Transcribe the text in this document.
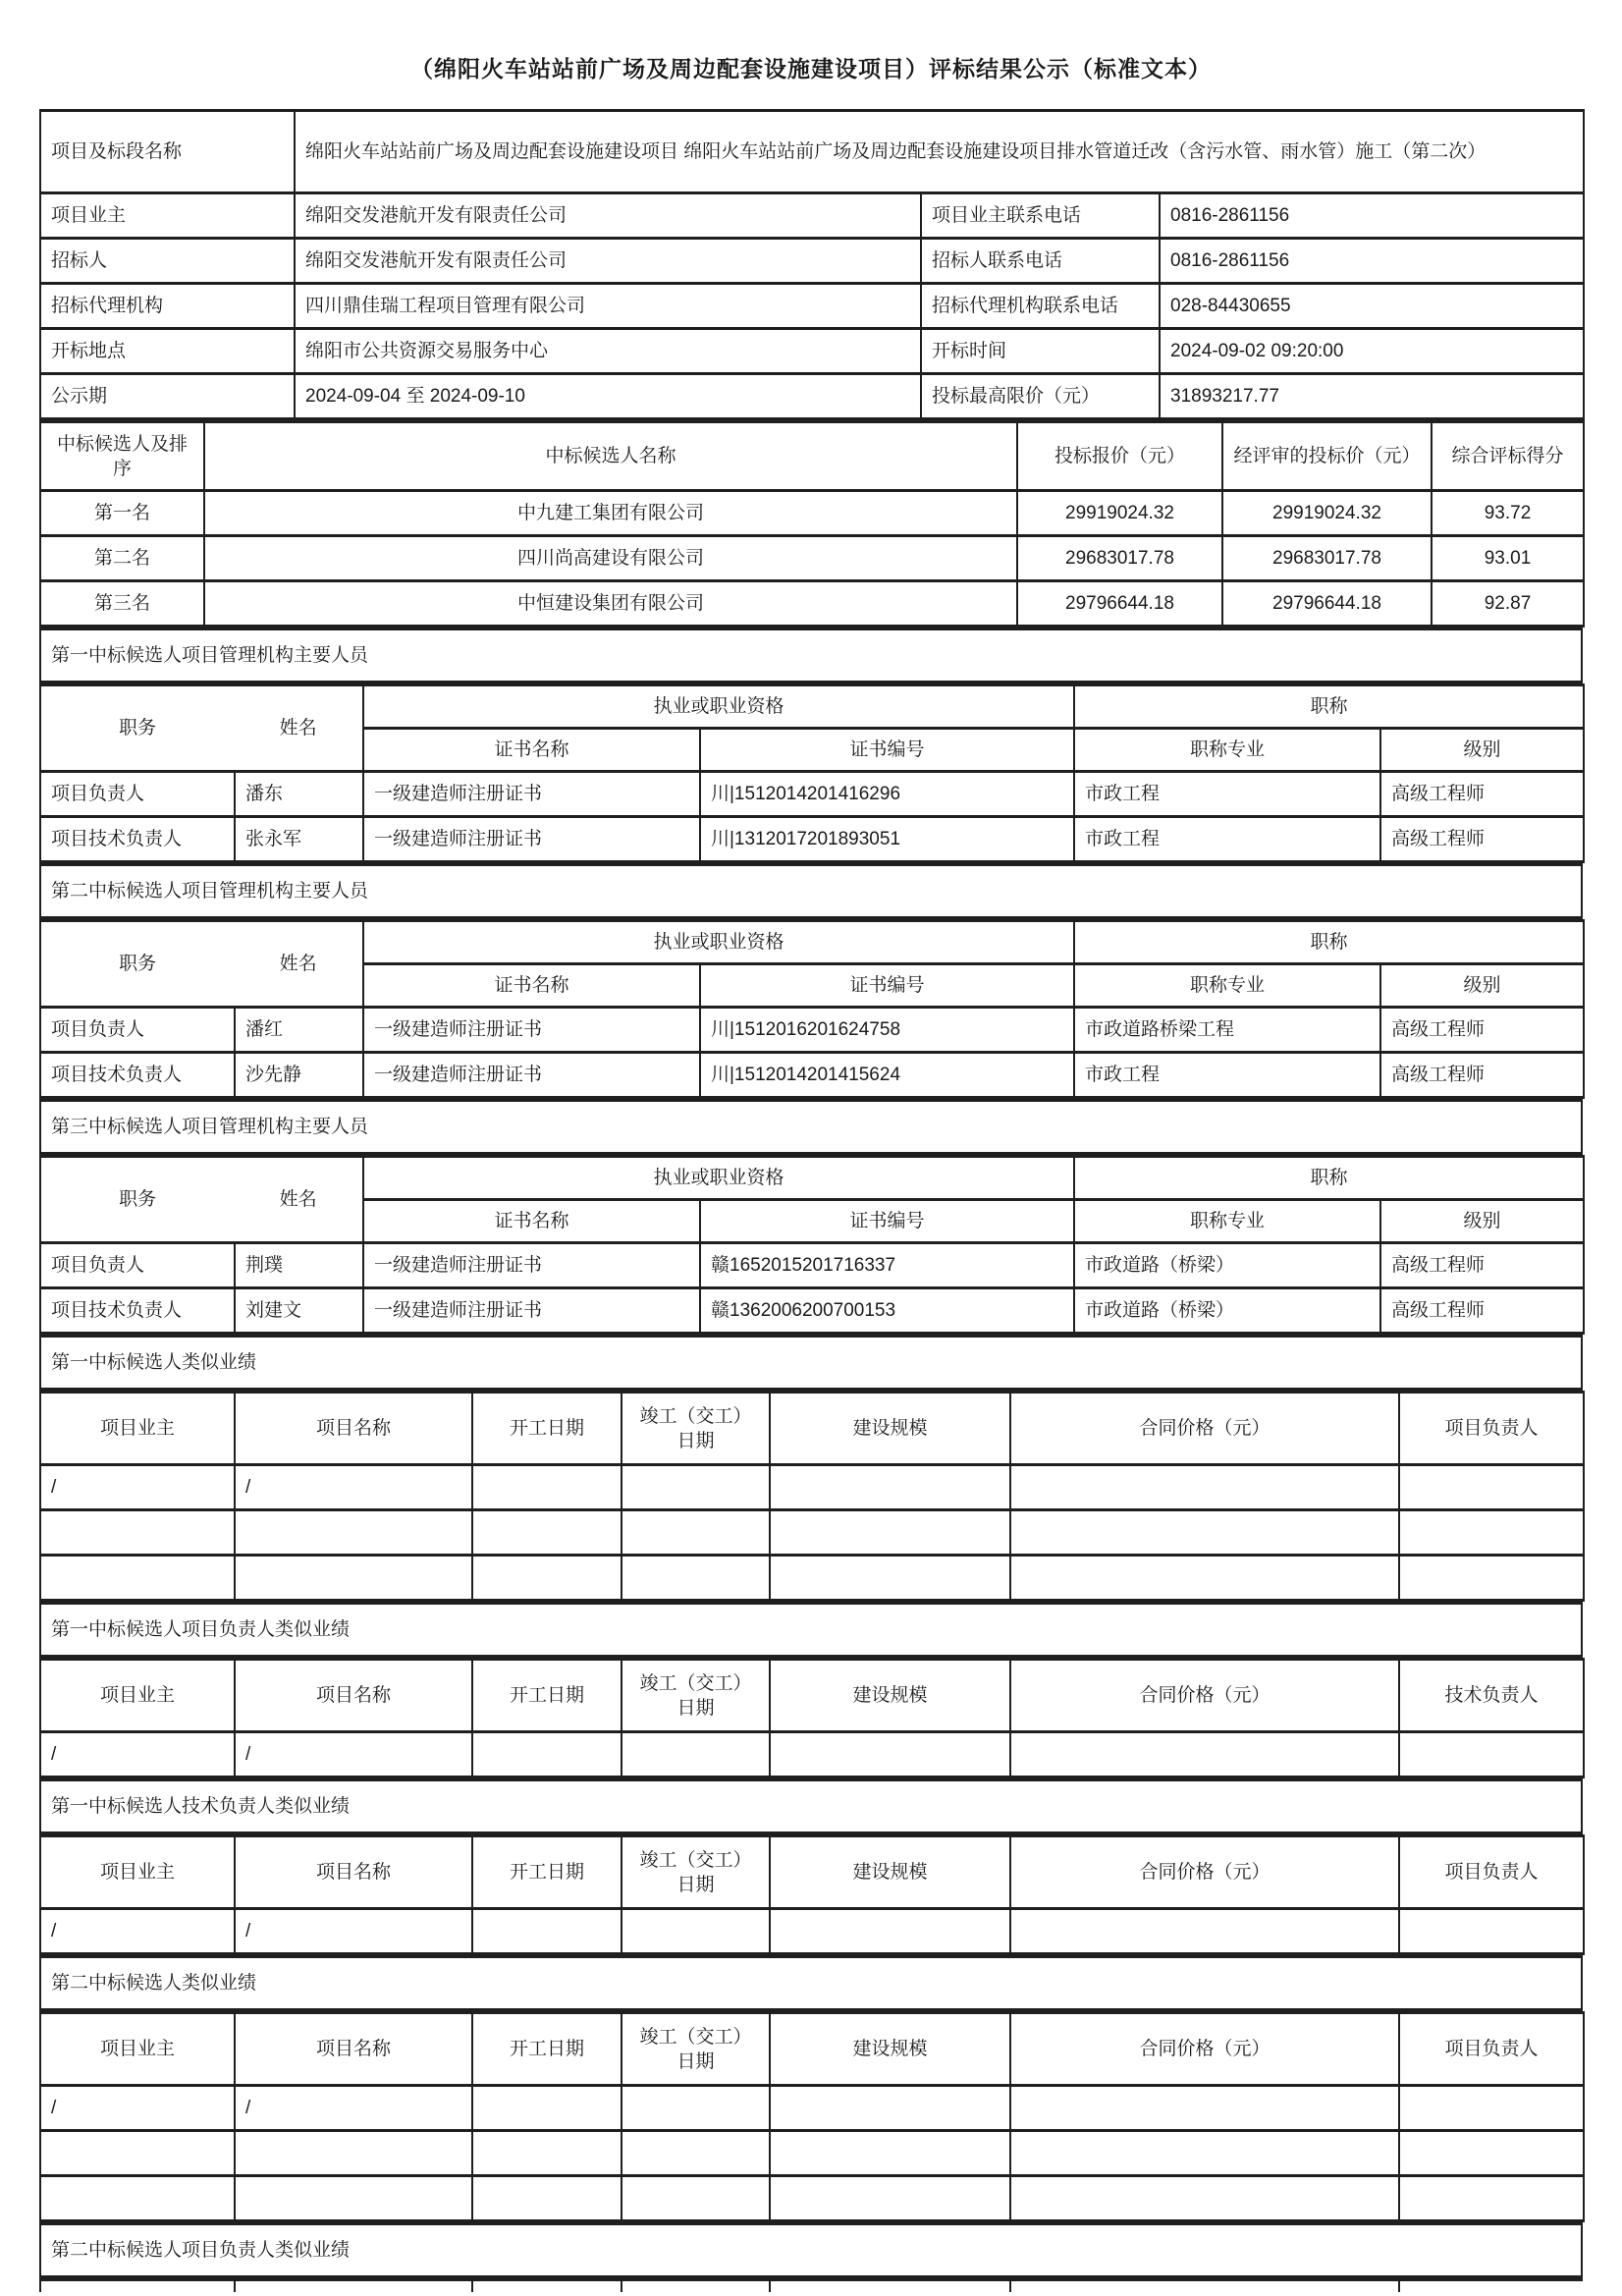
（绵阳火车站站前广场及周边配套设施建设项目）评标结果公示（标准文本）
项目及标段名称	绵阳火车站站前广场及周边配套设施建设项目 绵阳火车站站前广场及周边配套设施建设项目排水管道迁改（含污水管、雨水管）施工（第二次）		
项目业主	绵阳交发港航开发有限责任公司	项目业主联系电话	0816-2861156
招标人	绵阳交发港航开发有限责任公司	招标人联系电话	0816-2861156
招标代理机构	四川鼎佳瑞工程项目管理有限公司	招标代理机构联系电话	028-84430655
开标地点	绵阳市公共资源交易服务中心	开标时间	2024-09-02 09:20:00
公示期	2024-09-04 至 2024-09-10	投标最高限价（元）	31893217.77
中标候选人及排序	中标候选人名称	投标报价（元）	经评审的投标价（元）	综合评标得分
第一名	中九建工集团有限公司	29919024.32	29919024.32	93.72
第二名	四川尚高建设有限公司	29683017.78	29683017.78	93.01
第三名	中恒建设集团有限公司	29796644.18	29796644.18	92.87
第一中标候选人项目管理机构主要人员
职务 姓名		执业或职业资格		职称	
		证书名称	证书编号	职称专业	级别
项目负责人	潘东	一级建造师注册证书	川|1512014201416296	市政工程	高级工程师
项目技术负责人	张永军	一级建造师注册证书	川|1312017201893051	市政工程	高级工程师
第二中标候选人项目管理机构主要人员
职务 姓名		执业或职业资格		职称	
		证书名称	证书编号	职称专业	级别
项目负责人	潘红	一级建造师注册证书	川|1512016201624758	市政道路桥梁工程	高级工程师
项目技术负责人	沙先静	一级建造师注册证书	川|1512014201415624	市政工程	高级工程师
第三中标候选人项目管理机构主要人员
职务 姓名		执业或职业资格		职称	
		证书名称	证书编号	职称专业	级别
项目负责人	荆璞	一级建造师注册证书	赣1652015201716337	市政道路（桥梁）	高级工程师
项目技术负责人	刘建文	一级建造师注册证书	赣1362006200700153	市政道路（桥梁）	高级工程师
第一中标候选人类似业绩
项目业主	项目名称	开工日期	竣工（交工）日期	建设规模	合同价格（元）	项目负责人
/	/					

第一中标候选人项目负责人类似业绩
项目业主	项目名称	开工日期	竣工（交工）日期	建设规模	合同价格（元）	技术负责人
/	/					
第一中标候选人技术负责人类似业绩
项目业主	项目名称	开工日期	竣工（交工）日期	建设规模	合同价格（元）	项目负责人
/	/					
第二中标候选人类似业绩
项目业主	项目名称	开工日期	竣工（交工）日期	建设规模	合同价格（元）	项目负责人
/	/					

第二中标候选人项目负责人类似业绩
